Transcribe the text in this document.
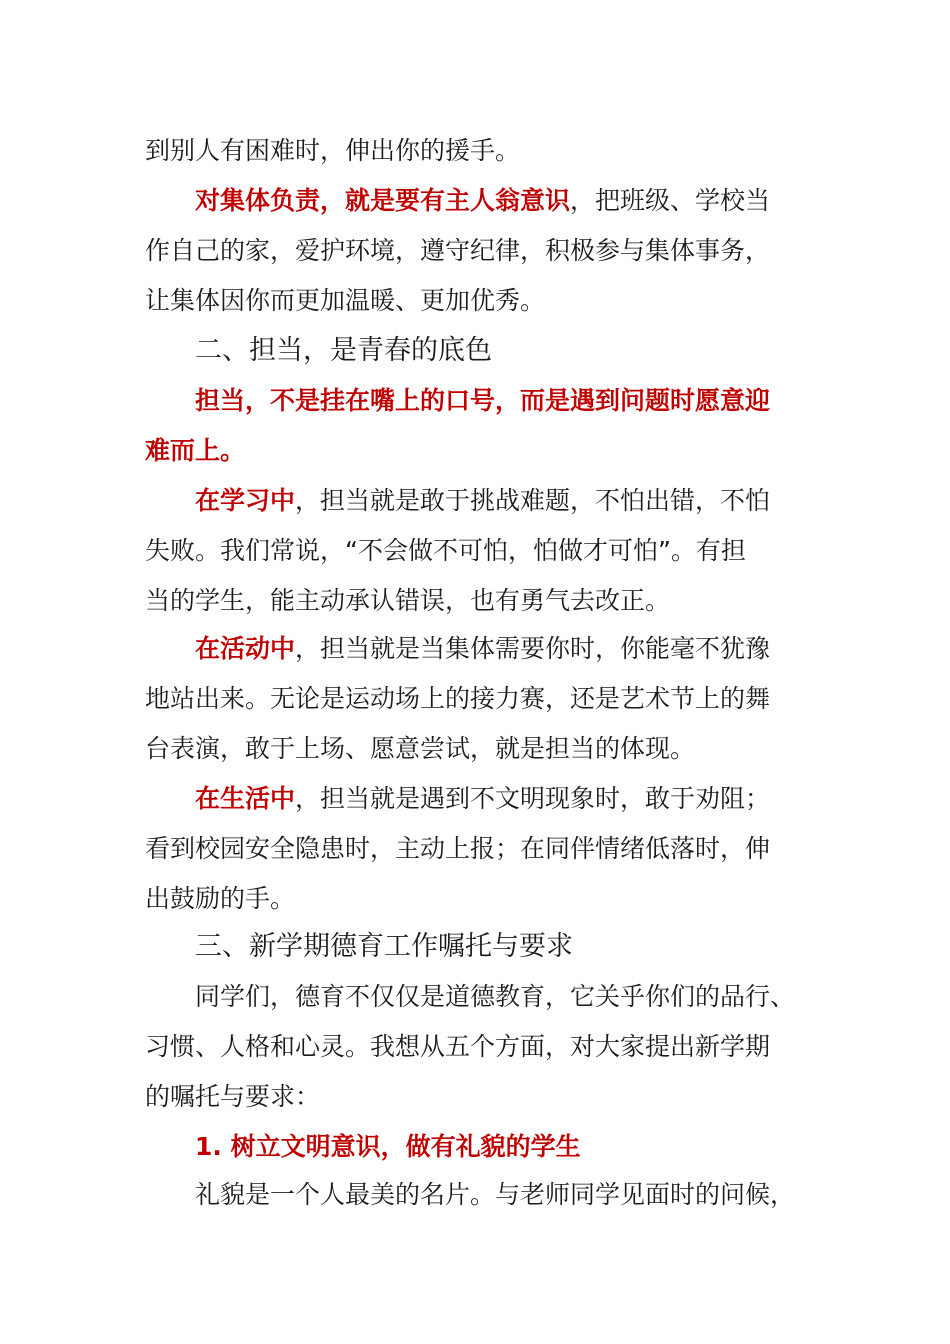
到别人有困难时，伸出你的援手。

对集体负责，就是要有主人翁意识，把班级、学校当

作自己的家，爱护环境，遵守纪律，积极参与集体事务，

让集体因你而更加温暖、更加优秀。

二、担当，是青春的底色

担当，不是挂在嘴上的口号，而是遇到问题时愿意迎

难而上。

在学习中，担当就是敢于挑战难题，不怕出错，不怕

失败。我们常说，“不会做不可怕，怕做才可怕”。有担

当的学生，能主动承认错误，也有勇气去改正。

在活动中，担当就是当集体需要你时，你能毫不犹豫

地站出来。无论是运动场上的接力赛，还是艺术节上的舞

台表演，敢于上场、愿意尝试，就是担当的体现。

在生活中，担当就是遇到不文明现象时，敢于劝阻；

看到校园安全隐患时，主动上报；在同伴情绪低落时，伸

出鼓励的手。

三、新学期德育工作嘱托与要求

同学们，德育不仅仅是道德教育，它关乎你们的品行、

习惯、人格和心灵。我想从五个方面，对大家提出新学期

的嘱托与要求：

1. 树立文明意识，做有礼貌的学生

礼貌是一个人最美的名片。与老师同学见面时的问候，
